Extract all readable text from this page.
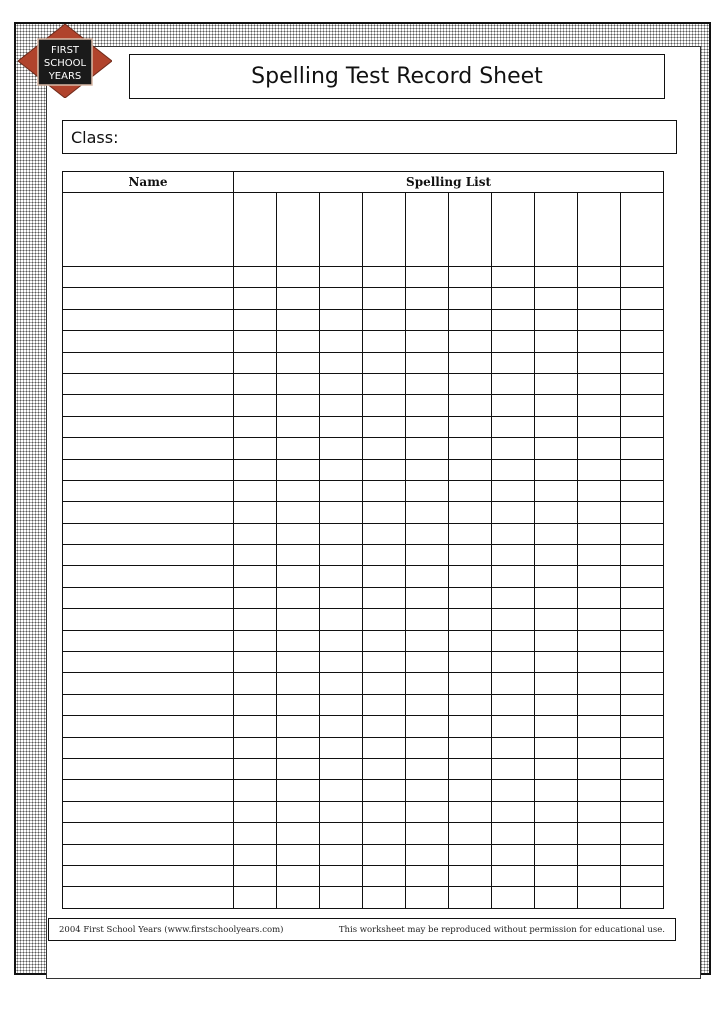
FIRST
SCHOOL
YEARS	Spelling Test Record Sheet
Class:
Name	Spelling List									

2004 First School Years (www.firstschoolyears.com)	This worksheet may be reproduced without permission for educational use.
